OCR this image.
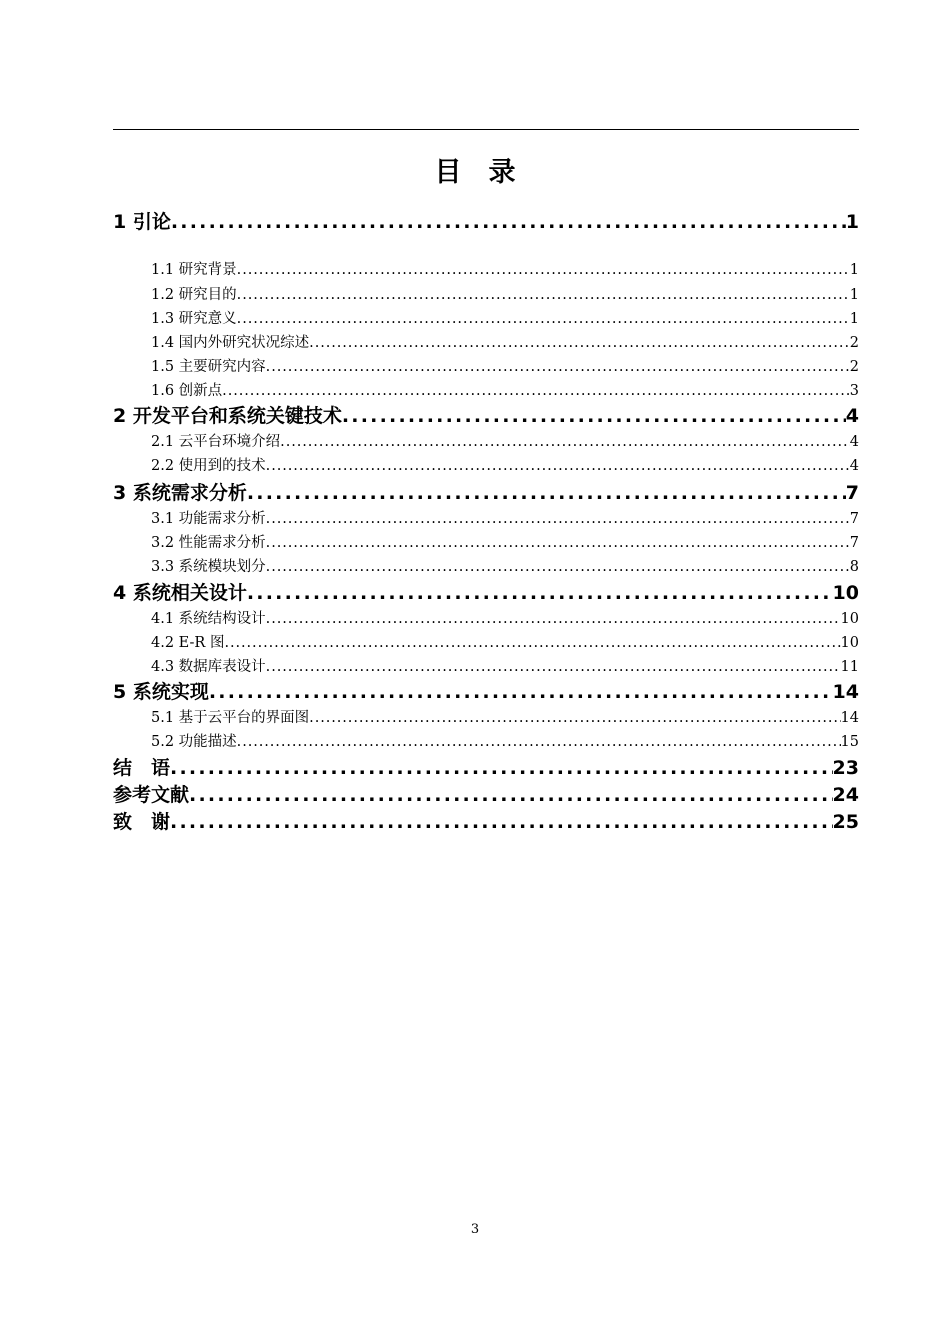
目　录
1 引论 . . .	1
1.1 研究背景 . . .	1
1.2 研究目的 . . .	1
1.3 研究意义 . . .	1
1.4 国内外研究状况综述 . . .	2
1.5 主要研究内容 . . .	2
1.6 创新点 . . .	3
2 开发平台和系统关键技术 . . .	4
2.1 云平台环境介绍 . . .	4
2.2 使用到的技术 . . .	4
3 系统需求分析 . . .	7
3.1 功能需求分析 . . .	7
3.2 性能需求分析 . . .	7
3.3 系统模块划分 . . .	8
4 系统相关设计 . . .	10
4.1 系统结构设计 . . .	10
4.2 E-R 图 . . .	10
4.3 数据库表设计 . . .	11
5 系统实现 . . .	14
5.1 基于云平台的界面图 . . .	14
5.2 功能描述 . . .	15
结　语 . . .	23
参考文献 . . .	24
致　谢 . . .	25
3
